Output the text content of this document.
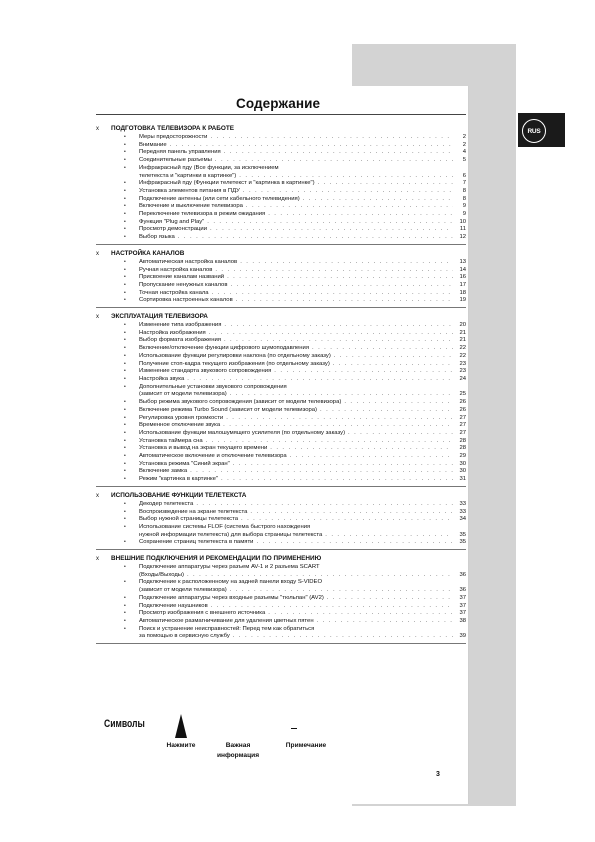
RUS
Содержание
x ПОДГОТОВКА ТЕЛЕВИЗОРА К РАБОТЕ
• Меры предосторожности . . .	2
• Внимание . . .	2
• Передняя панель управления . . .	4
• Соединительные разъемы . . .	5
• Инфракрасный пду (Все функции, за исключением
телетекста и "картинки в картинке") . . .	6
• Инфракрасный пду (Функции телетекст и "картинка в картинке") . . .	7
• Установка элементов питания в ПДУ . . .	8
• Подключение антенны (или сети кабельного телевидения) . . .	8
• Включение и выключение телевизора . . .	9
• Переключение телевизора в режим ожидания . . .	9
• Функция "Plug and Play" . . .	10
• Просмотр демонстрации . . .	11
• Выбор языка . . .	12
x НАСТРОЙКА КАНАЛОВ
• Автоматическая настройка каналов . . .	13
• Ручная настройка каналов . . .	14
• Присвоение каналам названий . . .	16
• Пропускание ненужных каналов . . .	17
• Точная настройка канала . . .	18
• Сортировка настроенных каналов . . .	19
x ЭКСПЛУАТАЦИЯ ТЕЛЕВИЗОРА
• Изменение типа изображения . . .	20
• Настройка изображения . . .	21
• Выбор формата изображения . . .	21
• Включение/отключение функции цифрового шумоподавления . . .	22
• Использование функции регулировки наклона (по отдельному заказу) . . .	22
• Получение стоп-кадра текущего изображения (по отдельному заказу) . . .	23
• Изменение стандарта звукового сопровождения . . .	23
• Настройка звука . . .	24
• Дополнительные установки звукового сопровождения
(зависит от модели телевизора) . . .	25
• Выбор режима звукового сопровождения (зависит от модели телевизора) . . .	26
• Включение режима Turbo Sound (зависит от модели телевизора) . . .	26
• Регулировка уровня громкости . . .	27
• Временное отключение звука . . .	27
• Использование функции малошумящего усилителя (по отдельному заказу) . . .	27
• Установка таймера сна . . .	28
• Установка и вывод на экран текущего времени . . .	28
• Автоматическое включение и отключение телевизора . . .	29
• Установка режима "Синий экран" . . .	30
• Включение замка . . .	30
• Режим "картинка в картинке" . . .	31
x ИСПОЛЬЗОВАНИЕ ФУНКЦИИ ТЕЛЕТЕКСТА
• Декодер телетекста . . .	33
• Воспроизведение на экране телетекста . . .	33
• Выбор нужной страницы телетекста . . .	34
• Использование системы FLOF (система быстрого нахождения
нужной информации телетекста) для выбора страницы телетекста . . .	35
• Сохранение страниц телетекста в памяти . . .	35
x ВНЕШНИЕ ПОДКЛЮЧЕНИЯ И РЕКОМЕНДАЦИИ ПО ПРИМЕНЕНИЮ
• Подключение аппаратуры через разъем AV-1 и 2 разъема SCART
(Входы/Выходы) . . .	36
• Подключение к расположенному на задней панели входу S-VIDEO
(зависит от модели телевизора) . . .	36
• Подключение аппаратуры через входные разъемы "тюльпан" (AV2) . . .	37
• Подключение наушников . . .	37
• Просмотр изображения с внешнего источника . . .	37
• Автоматическое размагничивание для удаления цветных пятен . . .	38
• Поиск и устранение неисправностей: Перед тем как обратиться
за помощью в сервисную службу . . .	39
Символы
Нажмите	Важная
информация
Примечание
3
